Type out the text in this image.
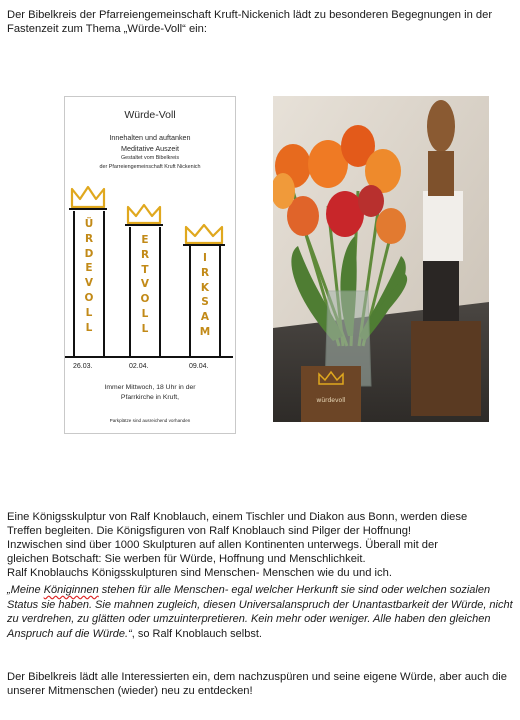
Der Bibelkreis der Pfarreiengemeinschaft Kruft-Nickenich lädt zu besonderen Begegnungen in der Fastenzeit zum Thema „Würde-Voll“ ein:
Würde-Voll
Innehalten und auftanken
Meditative Auszeit
Gestaltet vom Bibelkreis
der Pfarreiengemeinschaft Kruft Nickenich
Ü
R
D
E
V
O
L
L
E
R
T
V
O
L
L
I
R
K
S
A
M
26.03.	02.04.	09.04.
Immer Mittwoch, 18 Uhr in der
Pfarrkirche in Kruft,
Parkplätze sind ausreichend vorhanden
würdevoll
Eine Königsskulptur von Ralf Knoblauch, einem Tischler und Diakon aus Bonn, werden diese
Treffen begleiten. Die Königsfiguren von Ralf Knoblauch sind Pilger der Hoffnung!
Inzwischen sind über 1000 Skulpturen auf allen Kontinenten unterwegs. Überall mit der
gleichen Botschaft: Sie werben für Würde, Hoffnung und Menschlichkeit.
Ralf Knoblauchs Königsskulpturen sind Menschen- Menschen wie du und ich.
„Meine Königinnen stehen für alle Menschen- egal welcher Herkunft sie sind oder welchen sozialen Status sie haben. Sie mahnen zugleich, diesen Universalanspruch der Unantastbarkeit der Würde, nicht zu verdrehen, zu glätten oder umzuinterpretieren. Kein mehr oder weniger. Alle haben den gleichen Anspruch auf die Würde.“, so Ralf Knoblauch selbst.
Der Bibelkreis lädt alle Interessierten ein, dem nachzuspüren und seine eigene Würde, aber auch die unserer Mitmenschen (wieder) neu zu entdecken!
